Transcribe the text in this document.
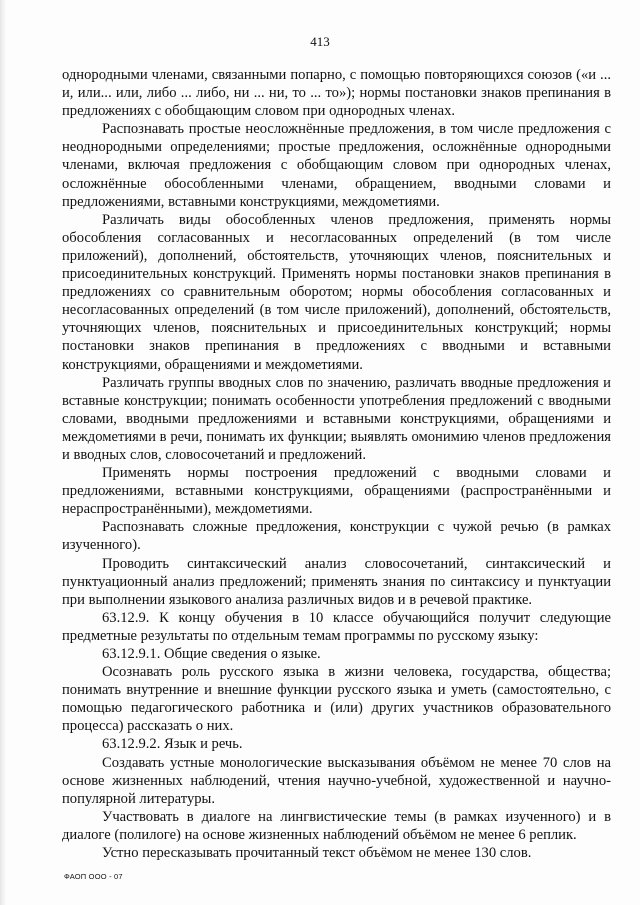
413

однородными членами, связанными попарно, с помощью повторяющихся союзов («и ... и, или... или, либо ... либо, ни ... ни, то ... то»); нормы постановки знаков препинания в предложениях с обобщающим словом при однородных членах.

Распознавать простые неосложнённые предложения, в том числе предложения с неоднородными определениями; простые предложения, осложнённые однородными членами, включая предложения с обобщающим словом при однородных членах, осложнённые обособленными членами, обращением, вводными словами и предложениями, вставными конструкциями, междометиями.

Различать виды обособленных членов предложения, применять нормы обособления согласованных и несогласованных определений (в том числе приложений), дополнений, обстоятельств, уточняющих членов, пояснительных и присоединительных конструкций. Применять нормы постановки знаков препинания в предложениях со сравнительным оборотом; нормы обособления согласованных и несогласованных определений (в том числе приложений), дополнений, обстоятельств, уточняющих членов, пояснительных и присоединительных конструкций; нормы постановки знаков препинания в предложениях с вводными и вставными конструкциями, обращениями и междометиями.

Различать группы вводных слов по значению, различать вводные предложения и вставные конструкции; понимать особенности употребления предложений с вводными словами, вводными предложениями и вставными конструкциями, обращениями и междометиями в речи, понимать их функции; выявлять омонимию членов предложения и вводных слов, словосочетаний и предложений.

Применять нормы построения предложений с вводными словами и предложениями, вставными конструкциями, обращениями (распространёнными и нераспространёнными), междометиями.

Распознавать сложные предложения, конструкции с чужой речью (в рамках изученного).

Проводить синтаксический анализ словосочетаний, синтаксический и пунктуационный анализ предложений; применять знания по синтаксису и пунктуации при выполнении языкового анализа различных видов и в речевой практике.

63.12.9. К концу обучения в 10 классе обучающийся получит следующие предметные результаты по отдельным темам программы по русскому языку:

63.12.9.1. Общие сведения о языке.

Осознавать роль русского языка в жизни человека, государства, общества; понимать внутренние и внешние функции русского языка и уметь (самостоятельно, с помощью педагогического работника и (или) других участников образовательного процесса) рассказать о них.

63.12.9.2. Язык и речь.

Создавать устные монологические высказывания объёмом не менее 70 слов на основе жизненных наблюдений, чтения научно-учебной, художественной и научно-популярной литературы.

Участвовать в диалоге на лингвистические темы (в рамках изученного) и в диалоге (полилоге) на основе жизненных наблюдений объёмом не менее 6 реплик.

Устно пересказывать прочитанный текст объёмом не менее 130 слов.

ФАОП ООО - 07
